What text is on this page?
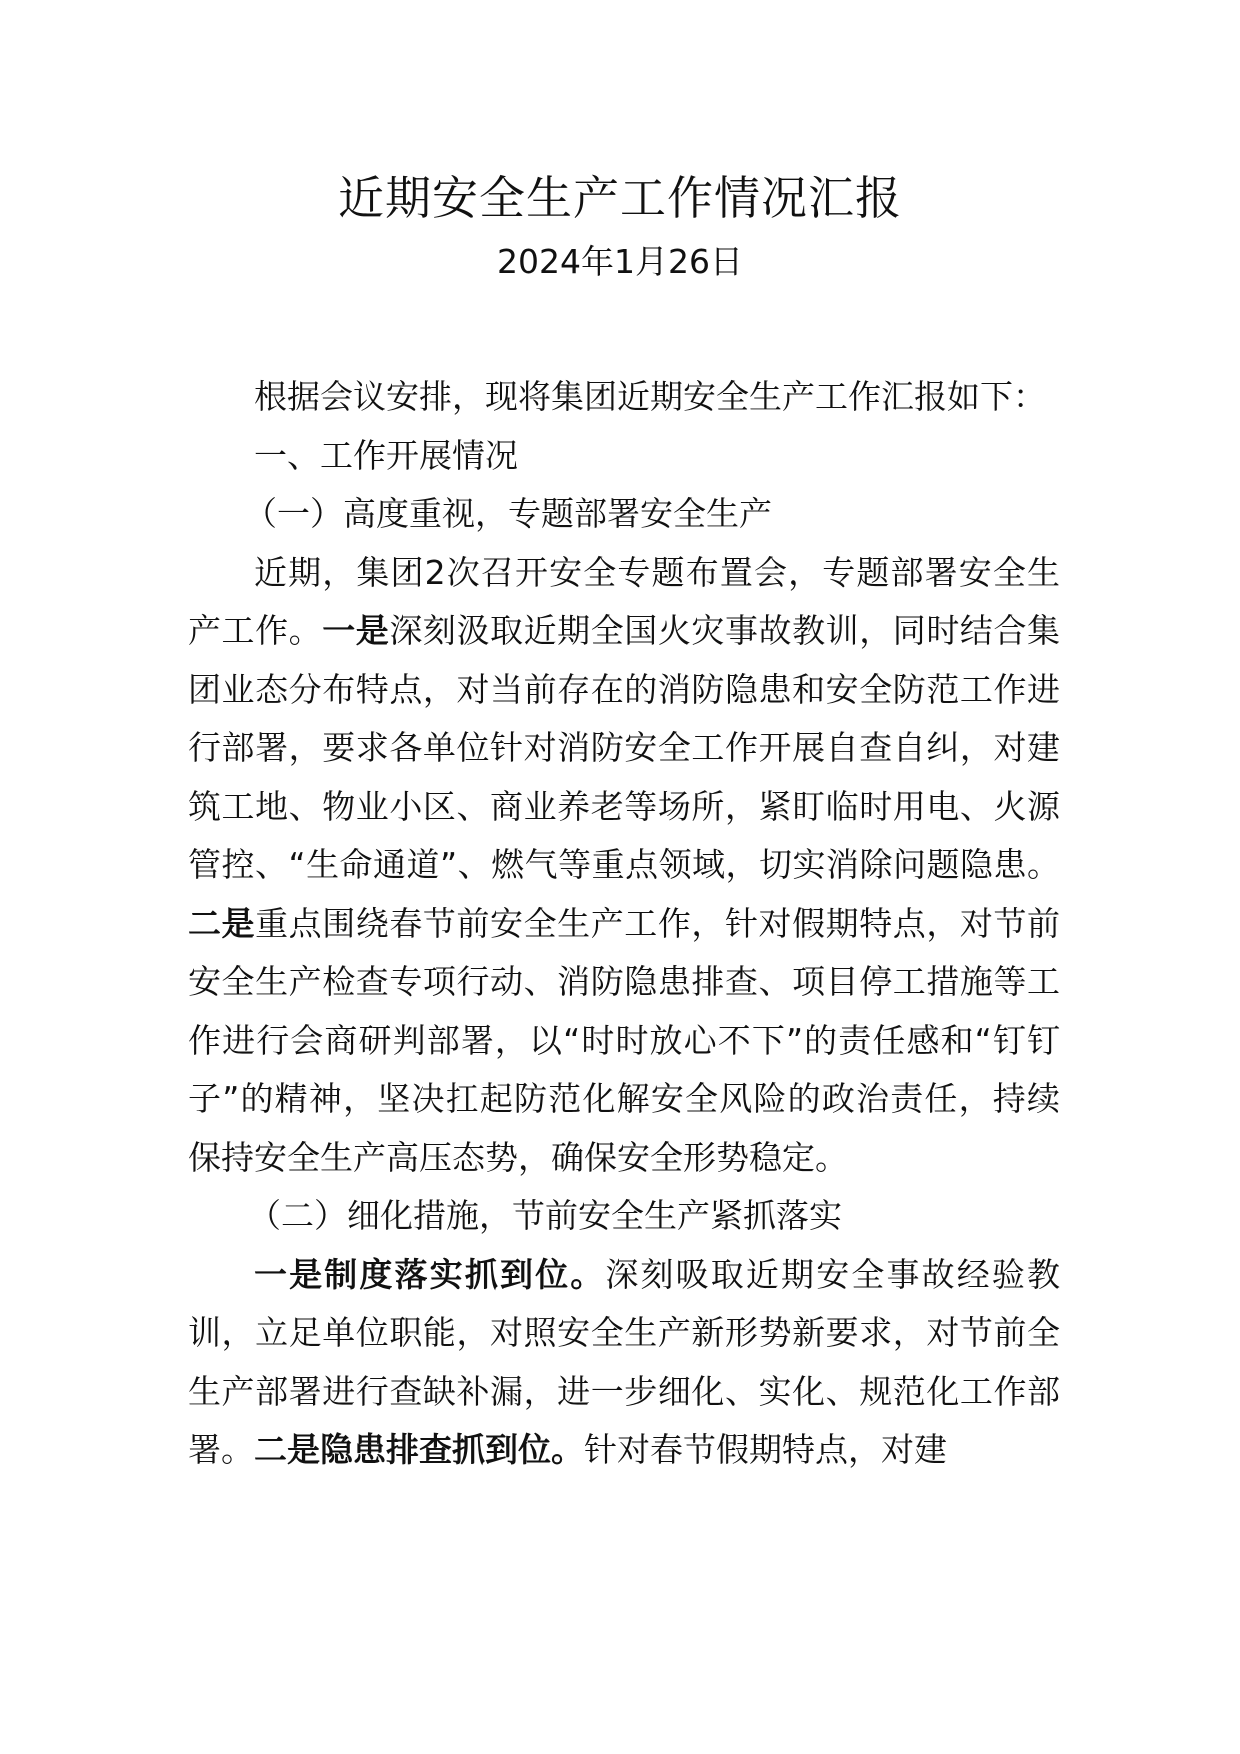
近期安全生产工作情况汇报
2024年1月26日

根据会议安排，现将集团近期安全生产工作汇报如下：

一、工作开展情况

（一）高度重视，专题部署安全生产

近期，集团2次召开安全专题布置会，专题部署安全生产工作。一是深刻汲取近期全国火灾事故教训，同时结合集团业态分布特点，对当前存在的消防隐患和安全防范工作进行部署，要求各单位针对消防安全工作开展自查自纠，对建筑工地、物业小区、商业养老等场所，紧盯临时用电、火源管控、“生命通道”、燃气等重点领域，切实消除问题隐患。二是重点围绕春节前安全生产工作，针对假期特点，对节前安全生产检查专项行动、消防隐患排查、项目停工措施等工作进行会商研判部署，以“时时放心不下”的责任感和“钉钉子”的精神，坚决扛起防范化解安全风险的政治责任，持续保持安全生产高压态势，确保安全形势稳定。

（二）细化措施，节前安全生产紧抓落实

一是制度落实抓到位。深刻吸取近期安全事故经验教训，立足单位职能，对照安全生产新形势新要求，对节前全生产部署进行查缺补漏，进一步细化、实化、规范化工作部署。二是隐患排查抓到位。针对春节假期特点，对建
